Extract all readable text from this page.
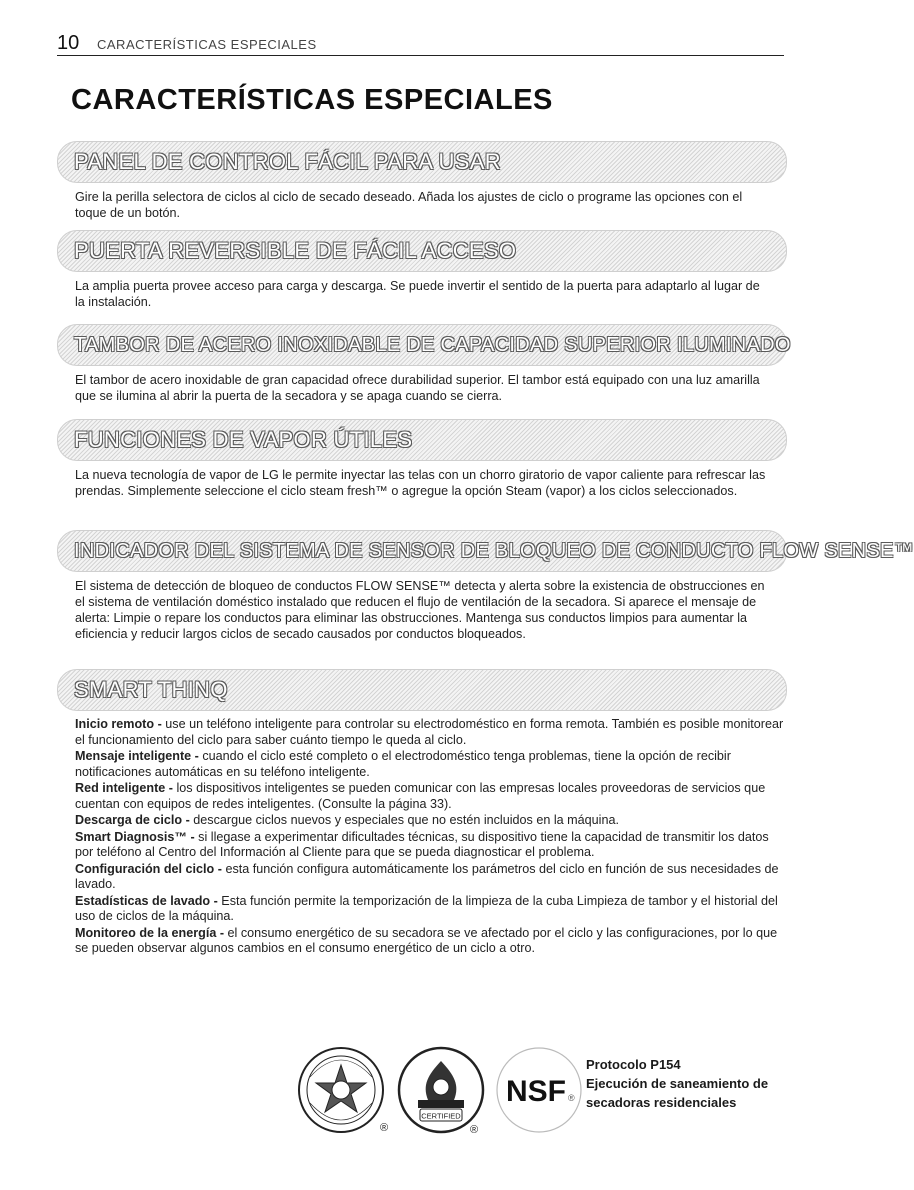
10 CARACTERÍSTICAS ESPECIALES
CARACTERÍSTICAS ESPECIALES
PANEL DE CONTROL FÁCIL PARA USAR

Gire la perilla selectora de ciclos al ciclo de secado deseado. Añada los ajustes de ciclo o programe las opciones con el toque de un botón.

PUERTA REVERSIBLE DE FÁCIL ACCESO

La amplia puerta provee acceso para carga y descarga. Se puede invertir el sentido de la puerta para adaptarlo al lugar de la instalación.

TAMBOR DE ACERO INOXIDABLE DE CAPACIDAD SUPERIOR ILUMINADO

El tambor de acero inoxidable de gran capacidad ofrece durabilidad superior. El tambor está equipado con una luz amarilla que se ilumina al abrir la puerta de la secadora y se apaga cuando se cierra.

FUNCIONES DE VAPOR ÚTILES

La nueva tecnología de vapor de LG le permite inyectar las telas con un chorro giratorio de vapor caliente para refrescar las prendas. Simplemente seleccione el ciclo steam fresh™ o agregue la opción Steam (vapor) a los ciclos seleccionados.

INDICADOR DEL SISTEMA DE SENSOR DE BLOQUEO DE CONDUCTO FLOW SENSE™

El sistema de detección de bloqueo de conductos FLOW SENSE™ detecta y alerta sobre la existencia de obstrucciones en el sistema de ventilación doméstico instalado que reducen el flujo de ventilación de la secadora. Si aparece el mensaje de alerta: Limpie o repare los conductos para eliminar las obstrucciones. Mantenga sus conductos limpios para aumentar la eficiencia y reducir largos ciclos de secado causados por conductos bloqueados.

SMART THINQ
Inicio remoto - use un teléfono inteligente para controlar su electrodoméstico en forma remota. También es posible monitorear el funcionamiento del ciclo para saber cuánto tiempo le queda al ciclo.
Mensaje inteligente - cuando el ciclo esté completo o el electrodoméstico tenga problemas, tiene la opción de recibir notificaciones automáticas en su teléfono inteligente.
Red inteligente - los dispositivos inteligentes se pueden comunicar con las empresas locales proveedoras de servicios que cuentan con equipos de redes inteligentes. (Consulte la página 33).
Descarga de ciclo - descargue ciclos nuevos y especiales que no estén incluidos en la máquina.
Smart Diagnosis™ - si llegase a experimentar dificultades técnicas, su dispositivo tiene la capacidad de transmitir los datos por teléfono al Centro del Información al Cliente para que se pueda diagnosticar el problema.
Configuración del ciclo - esta función configura automáticamente los parámetros del ciclo en función de sus necesidades de lavado.
Estadísticas de lavado - Esta función permite la temporización de la limpieza de la cuba Limpieza de tambor y el historial del uso de ciclos de la máquina.
Monitoreo de la energía - el consumo energético de su secadora se ve afectado por el ciclo y las configuraciones, por lo que se pueden observar algunos cambios en el consumo energético de un ciclo a otro.
®
CERTIFIED
®
NSF ®
Protocolo P154
Ejecución de saneamiento de
secadoras residenciales
